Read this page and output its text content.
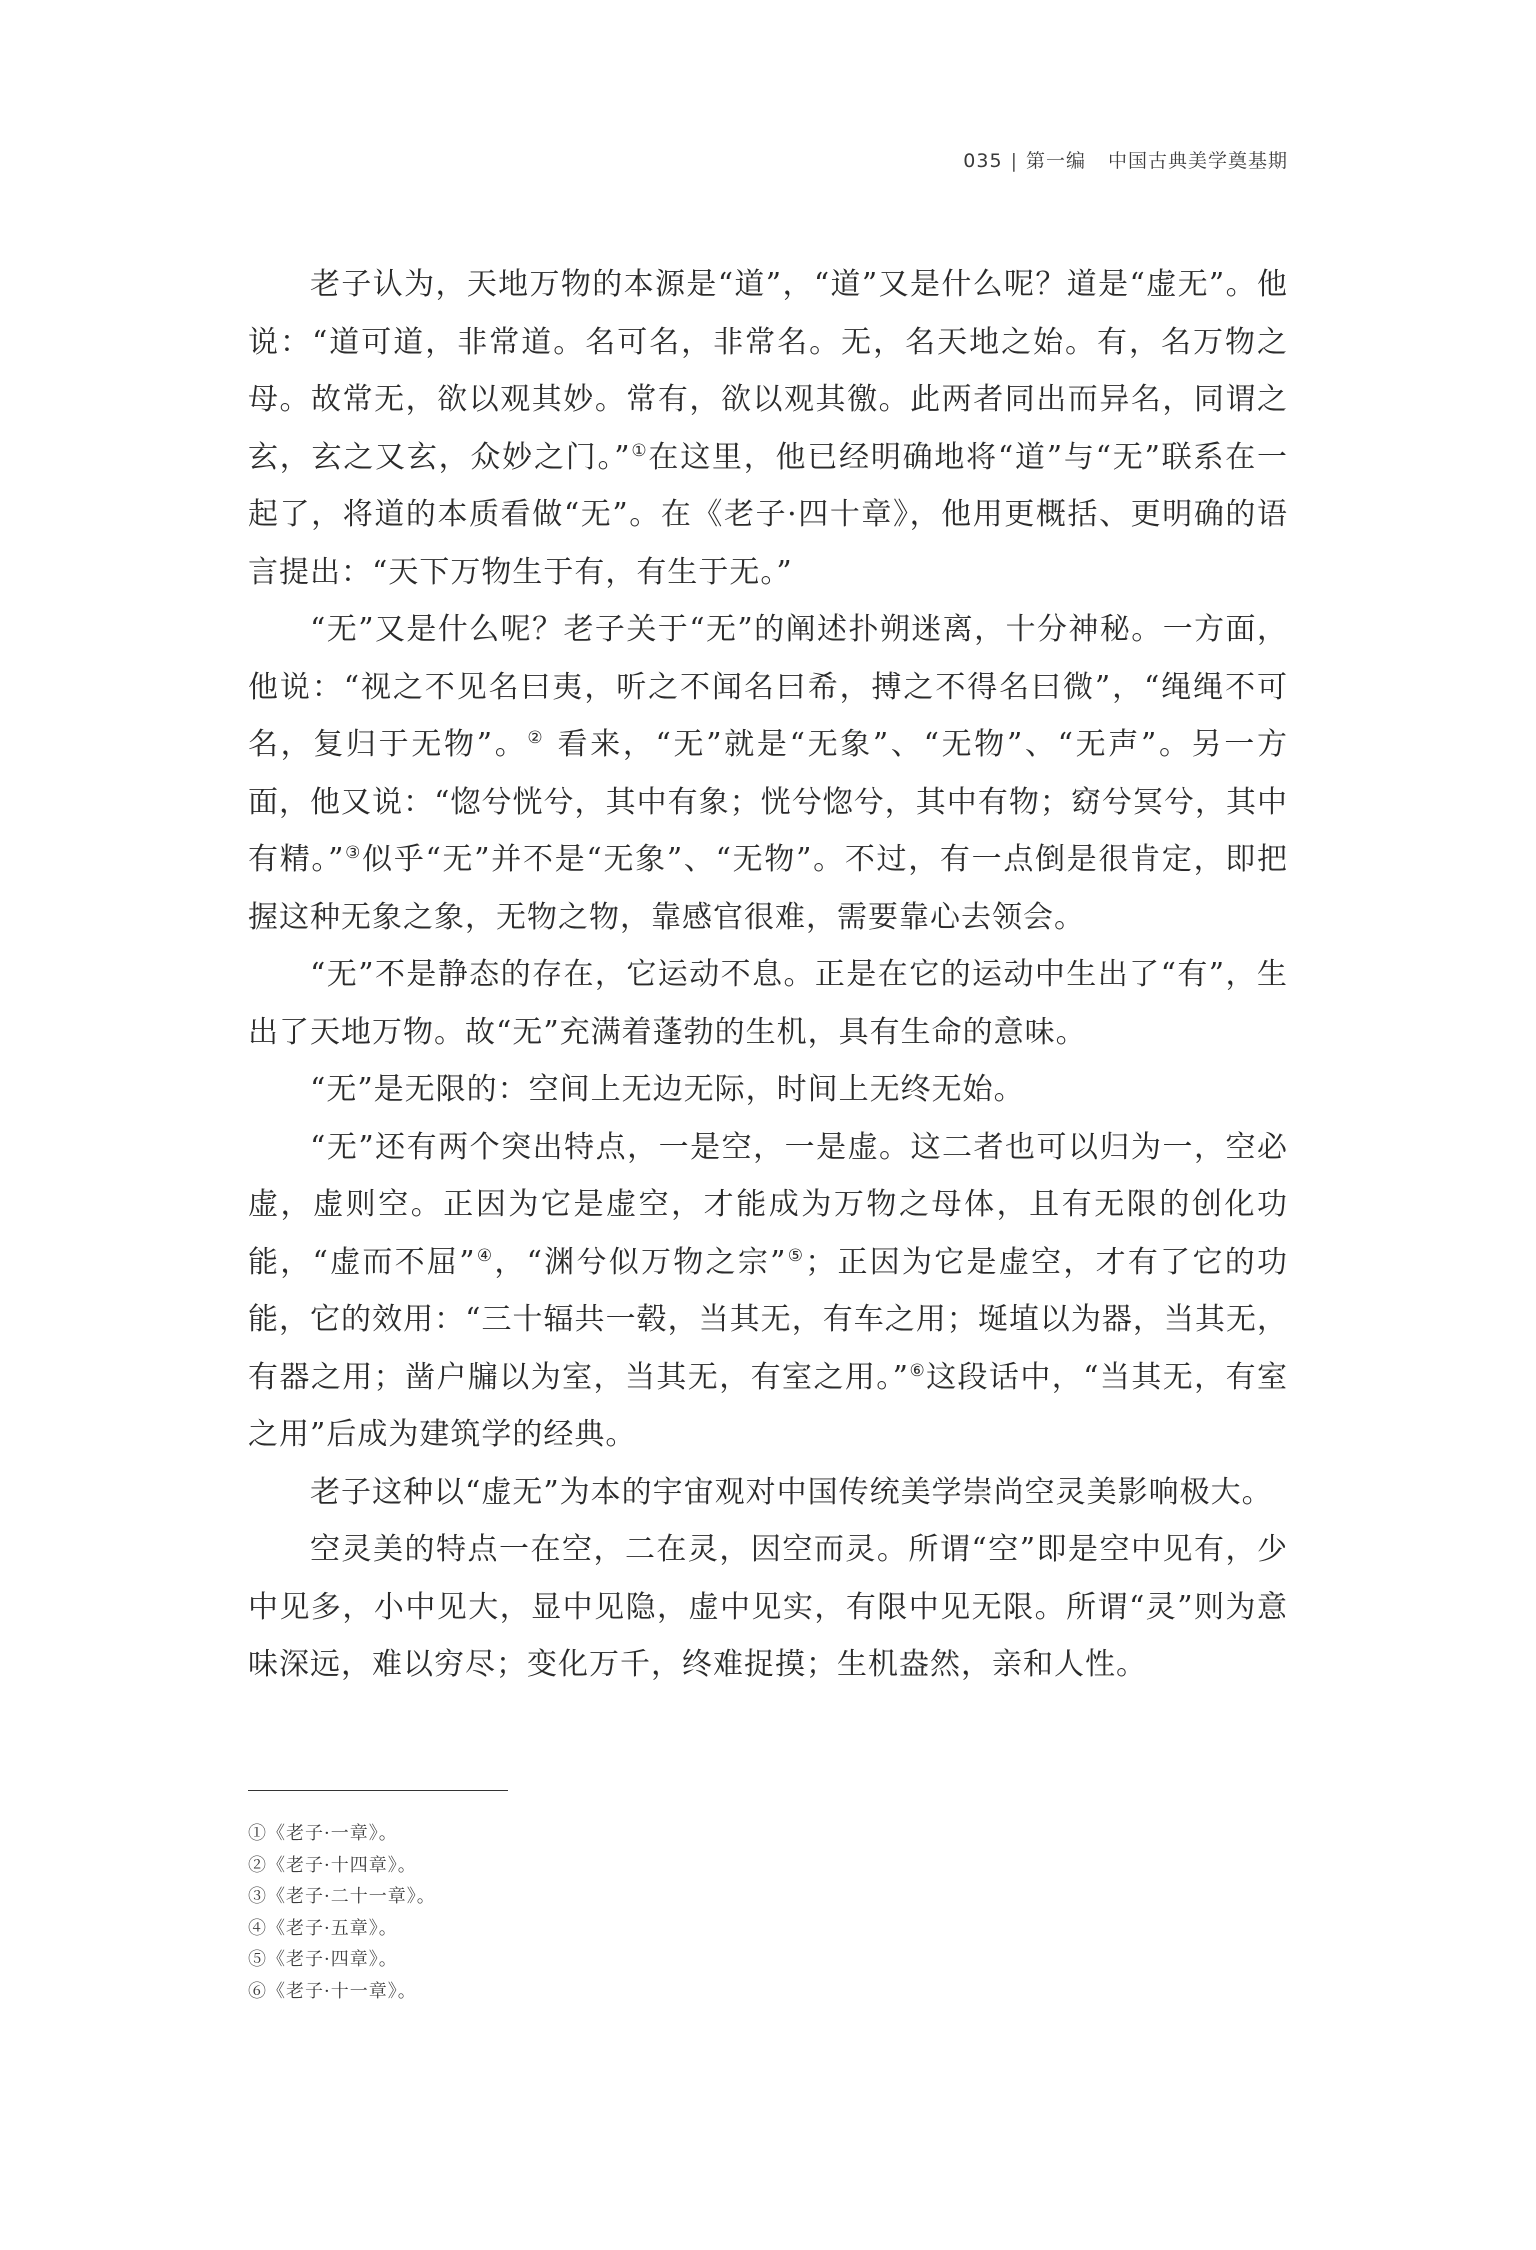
035 | 第一编 中国古典美学奠基期

老子认为，天地万物的本源是“道”，“道”又是什么呢？道是“虚无”。他说：“道可道，非常道。名可名，非常名。无，名天地之始。有，名万物之母。故常无，欲以观其妙。常有，欲以观其徼。此两者同出而异名，同谓之玄，玄之又玄，众妙之门。”①在这里，他已经明确地将“道”与“无”联系在一起了，将道的本质看做“无”。在《老子·四十章》，他用更概括、更明确的语言提出：“天下万物生于有，有生于无。”

“无”又是什么呢？老子关于“无”的阐述扑朔迷离，十分神秘。一方面，他说：“视之不见名曰夷，听之不闻名曰希，搏之不得名曰微”，“绳绳不可名，复归于无物”。② 看来，“无”就是“无象”、“无物”、“无声”。另一方面，他又说：“惚兮恍兮，其中有象；恍兮惚兮，其中有物；窈兮冥兮，其中有精。”③似乎“无”并不是“无象”、“无物”。不过，有一点倒是很肯定，即把握这种无象之象，无物之物，靠感官很难，需要靠心去领会。

“无”不是静态的存在，它运动不息。正是在它的运动中生出了“有”，生出了天地万物。故“无”充满着蓬勃的生机，具有生命的意味。

“无”是无限的：空间上无边无际，时间上无终无始。

“无”还有两个突出特点，一是空，一是虚。这二者也可以归为一，空必虚，虚则空。正因为它是虚空，才能成为万物之母体，且有无限的创化功能，“虚而不屈”④，“渊兮似万物之宗”⑤；正因为它是虚空，才有了它的功能，它的效用：“三十辐共一毂，当其无，有车之用；埏埴以为器，当其无，有器之用；凿户牖以为室，当其无，有室之用。”⑥这段话中，“当其无，有室之用”后成为建筑学的经典。

老子这种以“虚无”为本的宇宙观对中国传统美学崇尚空灵美影响极大。

空灵美的特点一在空，二在灵，因空而灵。所谓“空”即是空中见有，少中见多，小中见大，显中见隐，虚中见实，有限中见无限。所谓“灵”则为意味深远，难以穷尽；变化万千，终难捉摸；生机盎然，亲和人性。

①《老子·一章》。
②《老子·十四章》。
③《老子·二十一章》。
④《老子·五章》。
⑤《老子·四章》。
⑥《老子·十一章》。
